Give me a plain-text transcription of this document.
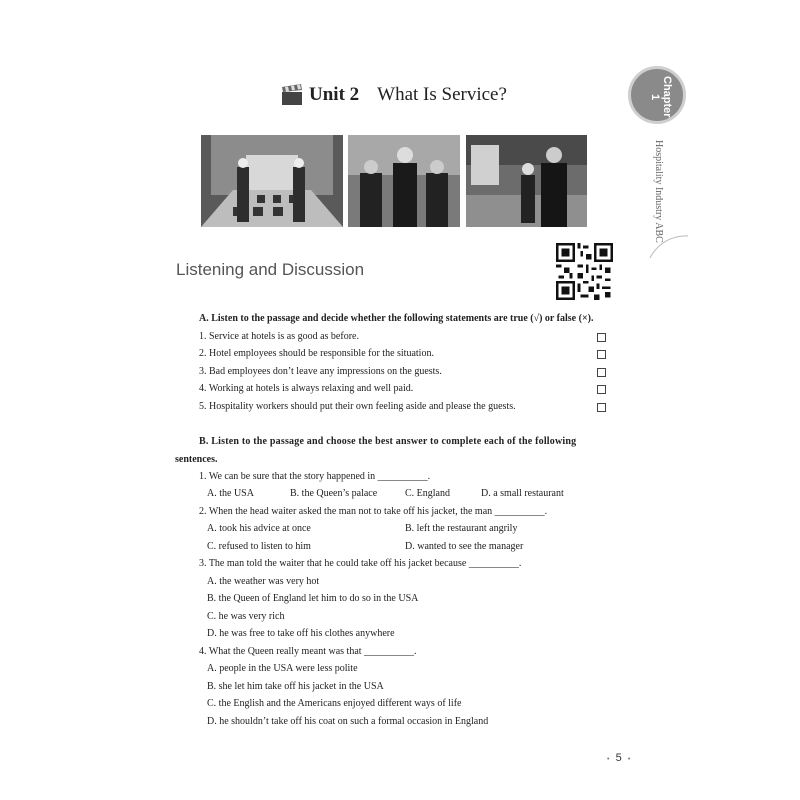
Unit 2 What Is Service?	Chapter 1
Hospitality Industry ABC
Listening and Discussion
A. Listen to the passage and decide whether the following statements are true (√) or false (×).
1. Service at hotels is as good as before.
2. Hotel employees should be responsible for the situation.
3. Bad employees don’t leave any impressions on the guests.
4. Working at hotels is always relaxing and well paid.
5. Hospitality workers should put their own feeling aside and please the guests.
B. Listen to the passage and choose the best answer to complete each of the following
sentences.
1. We can be sure that the story happened in __________.
A. the USA	B. the Queen’s palace	C. England	D. a small restaurant
2. When the head waiter asked the man not to take off his jacket, the man __________.
A. took his advice at once	B. left the restaurant angrily
C. refused to listen to him	D. wanted to see the manager
3. The man told the waiter that he could take off his jacket because __________.
A. the weather was very hot
B. the Queen of England let him to do so in the USA
C. he was very rich
D. he was free to take off his clothes anywhere
4. What the Queen really meant was that __________.
A. people in the USA were less polite
B. she let him take off his jacket in the USA
C. the English and the Americans enjoyed different ways of life
D. he shouldn’t take off his coat on such a formal occasion in England
• 5 •
